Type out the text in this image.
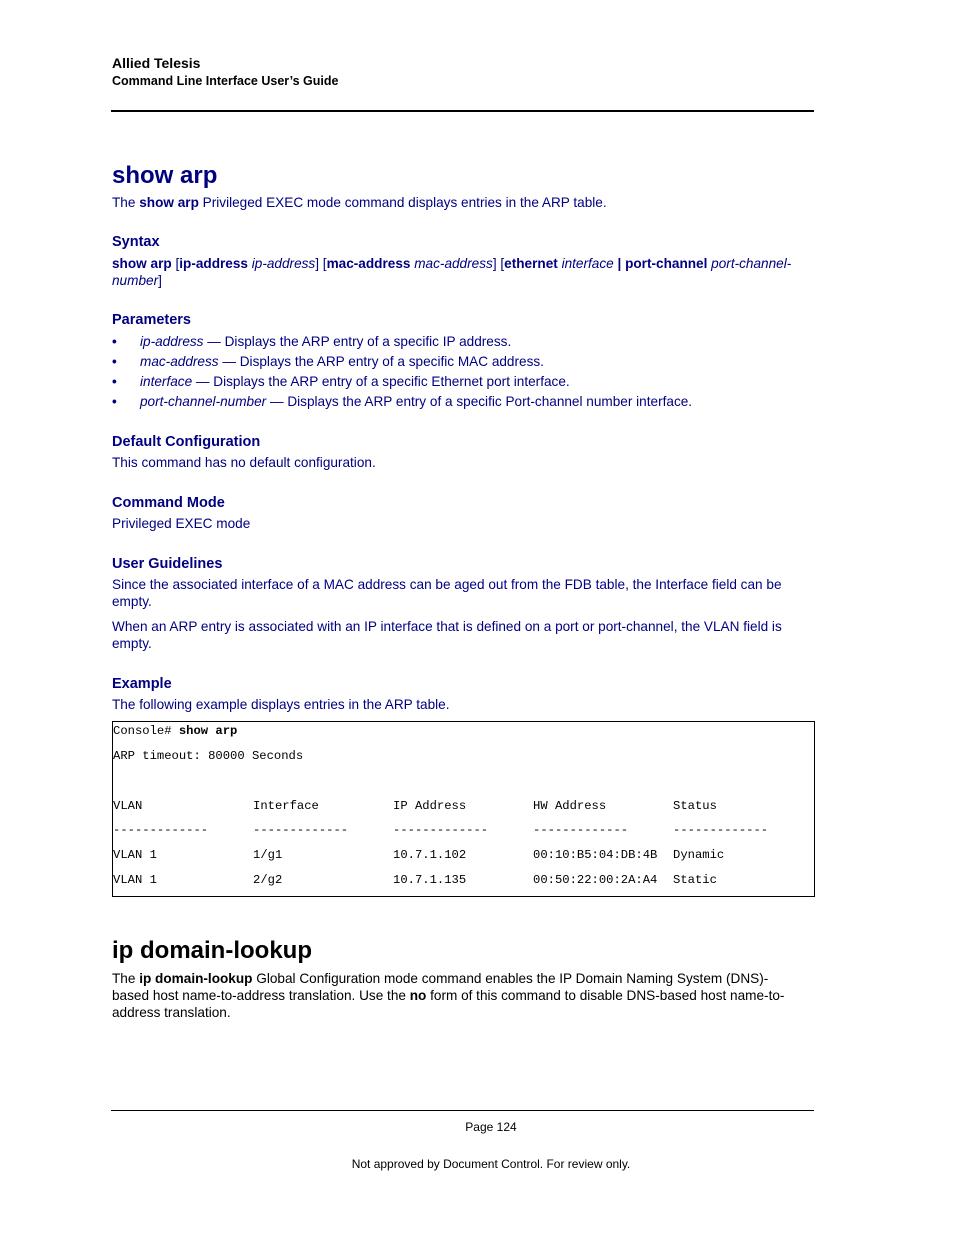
Allied Telesis
Command Line Interface User’s Guide
show arp
The show arp Privileged EXEC mode command displays entries in the ARP table.
Syntax
show arp [ip-address ip-address] [mac-address mac-address] [ethernet interface | port-channel port-channel-
number]
Parameters
• ip-address — Displays the ARP entry of a specific IP address.
• mac-address — Displays the ARP entry of a specific MAC address.
• interface — Displays the ARP entry of a specific Ethernet port interface.
• port-channel-number — Displays the ARP entry of a specific Port-channel number interface.
Default Configuration
This command has no default configuration.
Command Mode
Privileged EXEC mode
User Guidelines
Since the associated interface of a MAC address can be aged out from the FDB table, the Interface field can be
empty.
When an ARP entry is associated with an IP interface that is defined on a port or port-channel, the VLAN field is
empty.
Example
The following example displays entries in the ARP table.
Console# show arp
ARP timeout: 80000 Seconds
VLAN	Interface	IP Address	HW Address	Status
-------------	-------------	-------------	-------------	-------------
VLAN 1	1/g1	10.7.1.102	00:10:B5:04:DB:4B Dynamic
VLAN 1	2/g2	10.7.1.135	00:50:22:00:2A:A4 Static
ip domain-lookup
The ip domain-lookup Global Configuration mode command enables the IP Domain Naming System (DNS)-
based host name-to-address translation. Use the no form of this command to disable DNS-based host name-to-
address translation.
Page 124
Not approved by Document Control. For review only.
